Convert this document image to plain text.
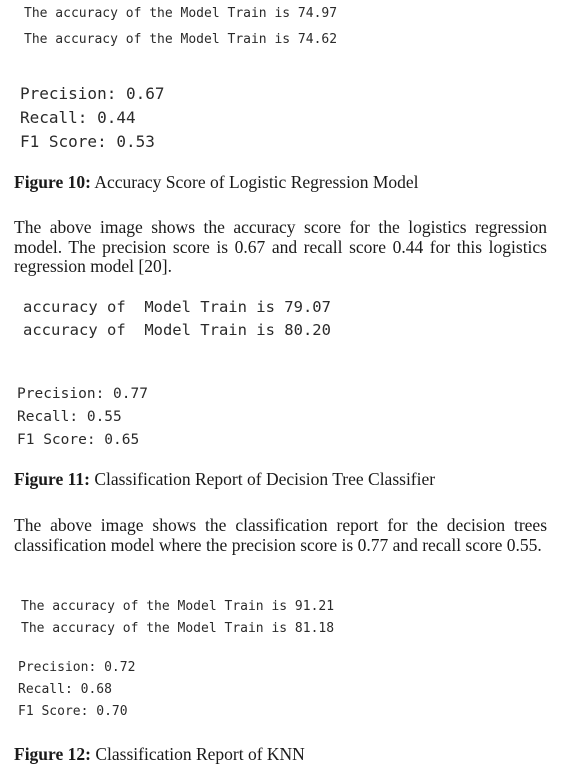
The accuracy of the Model Train is 74.97
The accuracy of the Model Train is 74.62
Precision: 0.67
Recall: 0.44
F1 Score: 0.53
Figure 10: Accuracy Score of Logistic Regression Model
The above image shows the accuracy score for the logistics regression model. The precision score is 0.67 and recall score 0.44 for this logistics regression model [20].
accuracy of  Model Train is 79.07
accuracy of  Model Train is 80.20
Precision: 0.77
Recall: 0.55
F1 Score: 0.65
Figure 11: Classification Report of Decision Tree Classifier
The above image shows the classification report for the decision trees classification model where the precision score is 0.77 and recall score 0.55.
The accuracy of the Model Train is 91.21
The accuracy of the Model Train is 81.18
Precision: 0.72
Recall: 0.68
F1 Score: 0.70
Figure 12: Classification Report of KNN
